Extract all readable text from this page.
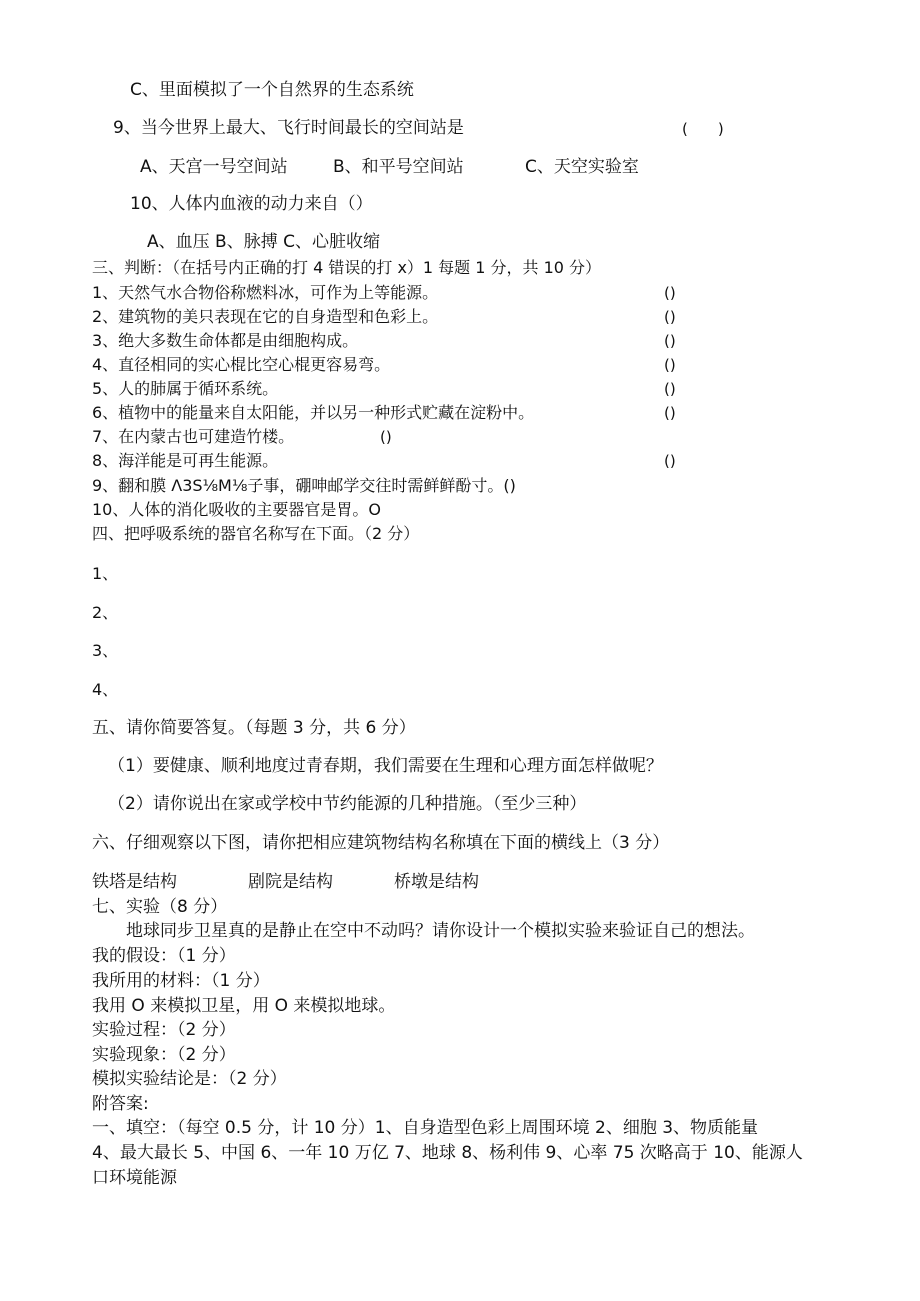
C、里面模拟了一个自然界的生态系统
9、当今世界上最大、飞行时间最长的空间站是	(　　)
A、天宫一号空间站	B、和平号空间站	C、天空实验室
10、人体内血液的动力来自（）
A、血压 B、脉搏 C、心脏收缩
三、判断：（在括号内正确的打 4 错误的打 x）1 每题 1 分，共 10 分）
1、天然气水合物俗称燃料冰，可作为上等能源。	()
2、建筑物的美只表现在它的自身造型和色彩上。	()
3、绝大多数生命体都是由细胞构成。	()
4、直径相同的实心棍比空心棍更容易弯。	()
5、人的肺属于循环系统。	()
6、植物中的能量来自太阳能，并以另一种形式贮藏在淀粉中。	()
7、在内蒙古也可建造竹楼。	()
8、海洋能是可再生能源。	()
9、翻和膜 Λ3S⅛M⅛子事，硼呻邮学交往时需鲜鲜酚寸。()
10、人体的消化吸收的主要器官是胃。O
四、把呼吸系统的器官名称写在下面。（2 分）
1、
2、
3、
4、
五、请你简要答复。（每题 3 分，共 6 分）
（1）要健康、顺利地度过青春期，我们需要在生理和心理方面怎样做呢？
（2）请你说出在家或学校中节约能源的几种措施。（至少三种）
六、仔细观察以下图，请你把相应建筑物结构名称填在下面的横线上（3 分）
铁塔是结构	剧院是结构	桥墩是结构
七、实验（8 分）
地球同步卫星真的是静止在空中不动吗？请你设计一个模拟实验来验证自己的想法。
我的假设：（1 分）
我所用的材料：（1 分）
我用 O 来模拟卫星，用 O 来模拟地球。
实验过程：（2 分）
实验现象：（2 分）
模拟实验结论是：（2 分）
附答案:
一、填空：（每空 0.5 分，计 10 分）1、自身造型色彩上周围环境 2、细胞 3、物质能量
4、最大最长 5、中国 6、一年 10 万亿 7、地球 8、杨利伟 9、心率 75 次略高于 10、能源人
口环境能源
